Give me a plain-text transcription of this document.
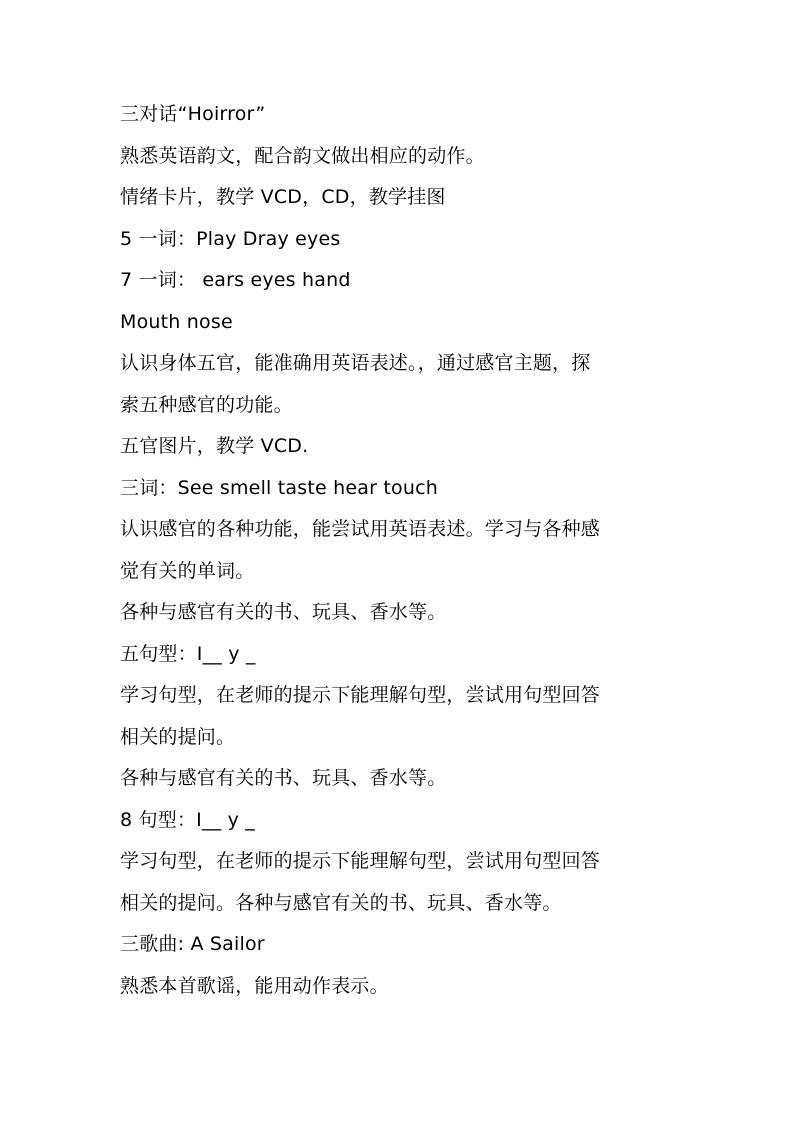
三对话“Hoirror”
熟悉英语韵文，配合韵文做出相应的动作。
情绪卡片，教学 VCD，CD，教学挂图
5 一词：Play Dray eyes
7 一词： ears eyes hand
Mouth nose
认识身体五官，能准确用英语表述。，通过感官主题，探
索五种感官的功能。
五官图片，教学 VCD.
三词：See smell taste hear touch
认识感官的各种功能，能尝试用英语表述。学习与各种感
觉有关的单词。
各种与感官有关的书、玩具、香水等。
五句型：I__ y _
学习句型，在老师的提示下能理解句型，尝试用句型回答
相关的提问。
各种与感官有关的书、玩具、香水等。
8 句型：I__ y _
学习句型，在老师的提示下能理解句型，尝试用句型回答
相关的提问。各种与感官有关的书、玩具、香水等。
三歌曲: A Sailor
熟悉本首歌谣，能用动作表示。
